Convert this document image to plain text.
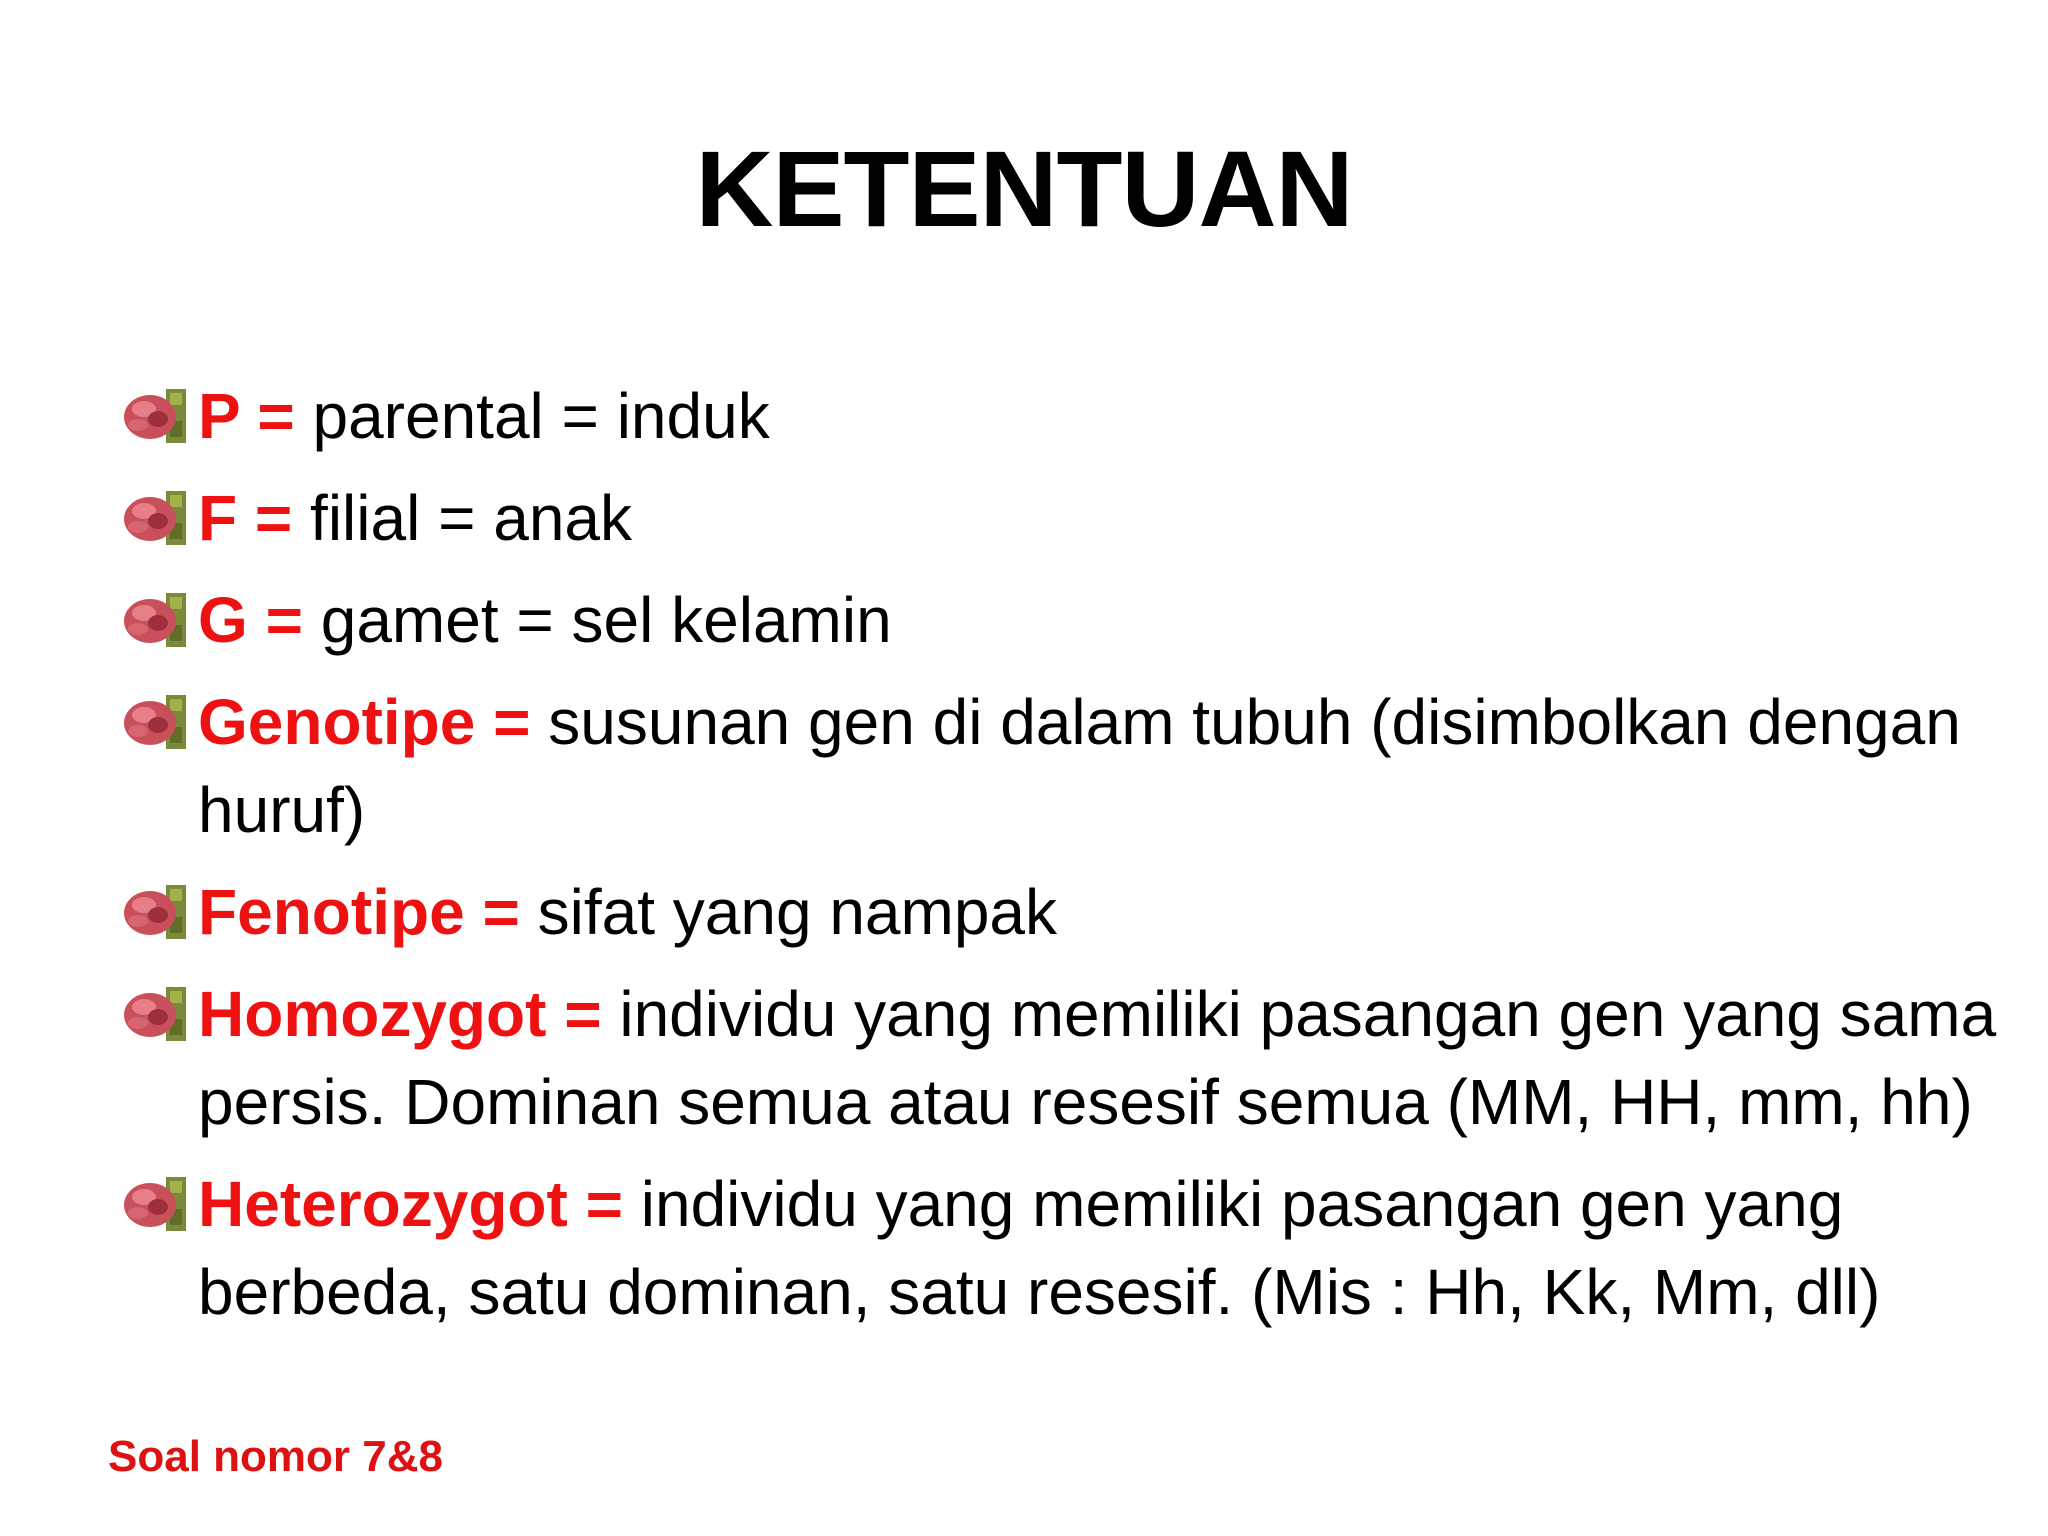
KETENTUAN
P = parental = induk
F = filial = anak
G = gamet = sel kelamin
Genotipe = susunan gen di dalam tubuh (disimbolkan dengan huruf)
Fenotipe = sifat yang nampak
Homozygot = individu yang memiliki pasangan gen yang sama persis. Dominan semua atau resesif semua (MM, HH, mm, hh)
Heterozygot = individu yang memiliki pasangan gen yang berbeda, satu dominan, satu resesif. (Mis : Hh, Kk, Mm, dll)

Soal nomor 7&8
